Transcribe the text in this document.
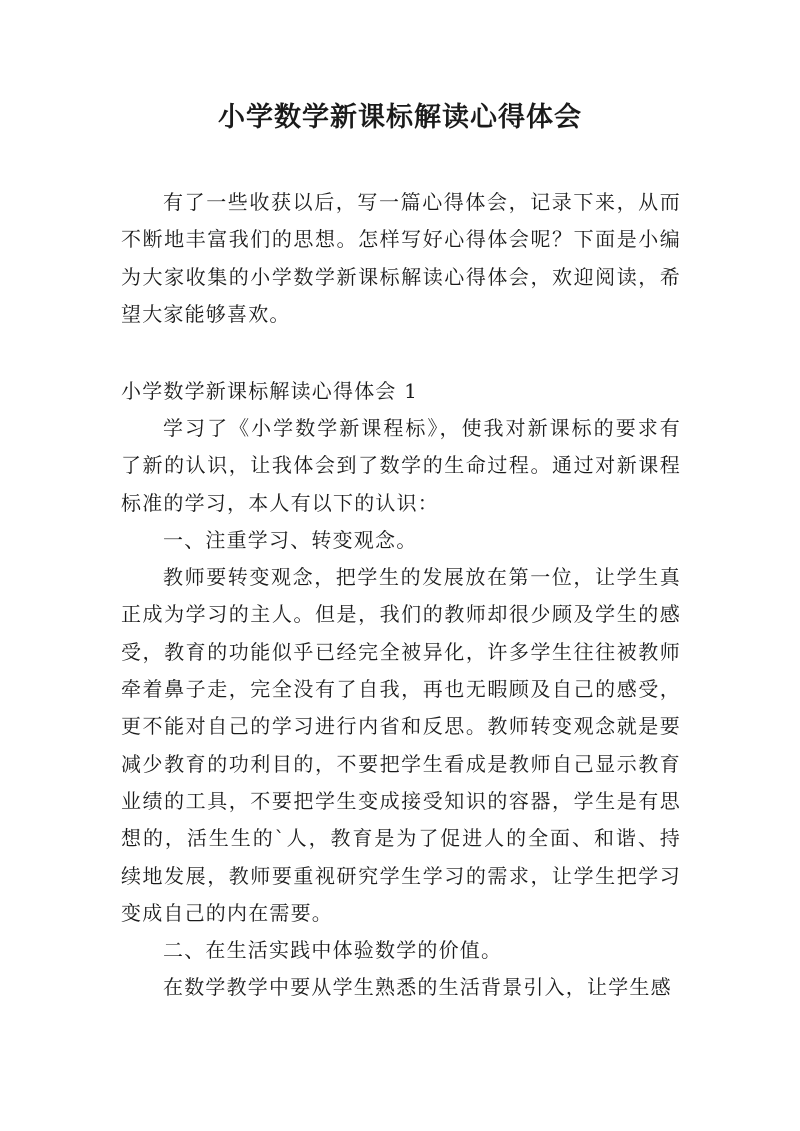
小学数学新课标解读心得体会

有了一些收获以后，写一篇心得体会，记录下来，从而不断地丰富我们的思想。怎样写好心得体会呢？下面是小编为大家收集的小学数学新课标解读心得体会，欢迎阅读，希望大家能够喜欢。

小学数学新课标解读心得体会 1

学习了《小学数学新课程标》，使我对新课标的要求有了新的认识，让我体会到了数学的生命过程。通过对新课程标准的学习，本人有以下的认识：

一、注重学习、转变观念。

教师要转变观念，把学生的发展放在第一位，让学生真正成为学习的主人。但是，我们的教师却很少顾及学生的感受，教育的功能似乎已经完全被异化，许多学生往往被教师牵着鼻子走，完全没有了自我，再也无暇顾及自己的感受，更不能对自己的学习进行内省和反思。教师转变观念就是要减少教育的功利目的，不要把学生看成是教师自己显示教育业绩的工具，不要把学生变成接受知识的容器，学生是有思想的，活生生的`人，教育是为了促进人的全面、和谐、持续地发展，教师要重视研究学生学习的需求，让学生把学习变成自己的内在需要。

二、在生活实践中体验数学的价值。

在数学教学中要从学生熟悉的生活背景引入，让学生感
